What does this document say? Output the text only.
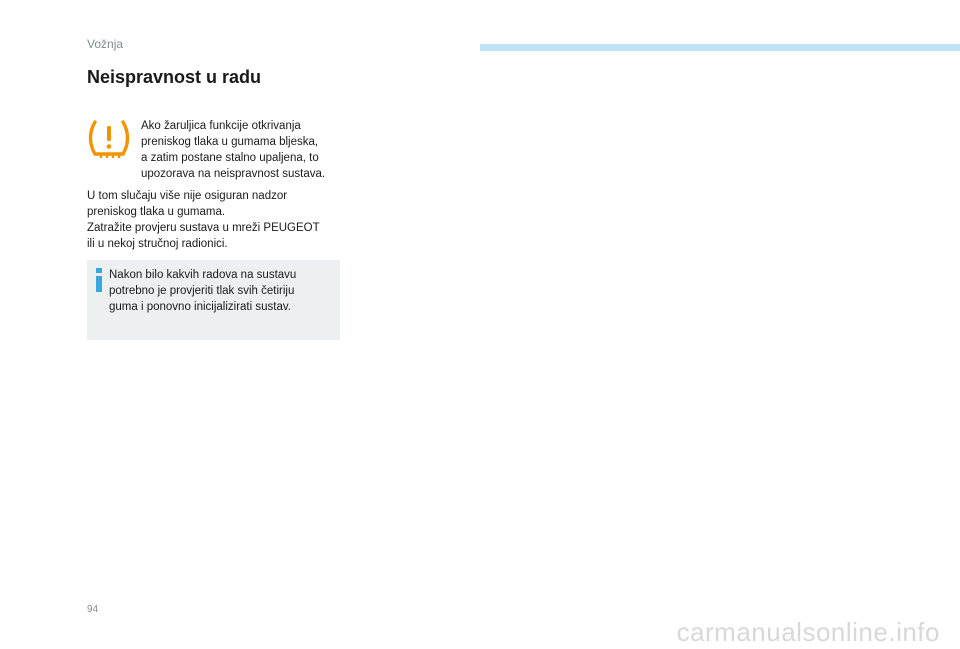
Vožnja
Neispravnost u radu

Ako žaruljica funkcije otkrivanja
preniskog tlaka u gumama bljeska,
a zatim postane stalno upaljena, to
upozorava na neispravnost sustava.

U tom slučaju više nije osiguran nadzor
preniskog tlaka u gumama.
Zatražite provjeru sustava u mreži PEUGEOT
ili u nekoj stručnoj radionici.

Nakon bilo kakvih radova na sustavu
potrebno je provjeriti tlak svih četiriju
guma i ponovno inicijalizirati sustav.

94
carmanualsonline.info
